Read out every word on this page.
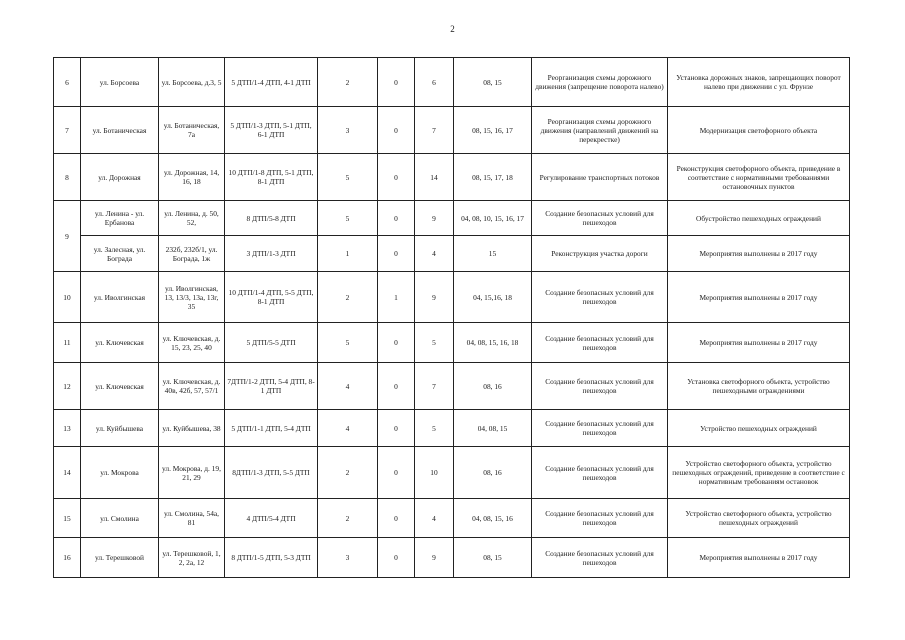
2
6	ул. Борсоева	ул. Борсоева, д.3, 5	5 ДТП/1-4 ДТП, 4-1 ДТП	2	0	6	08, 15	Реорганизация схемы дорожного движения (запрещение поворота налево)	Установка дорожных знаков, запрещающих поворот налево при движении с ул. Фрунзе
7	ул. Ботаническая	ул. Ботаническая, 7а	5 ДТП/1-3 ДТП, 5-1 ДТП, 6-1 ДТП	3	0	7	08, 15, 16, 17	Реорганизация схемы дорожного движения (направлений движений на перекрестке)	Модернизация светофорного объекта
8	ул. Дорожная	ул. Дорожная, 14, 16, 18	10 ДТП/1-8 ДТП, 5-1 ДТП, 8-1 ДТП	5	0	14	08, 15, 17, 18	Регулирование транспортных потоков	Реконструкция светофорного объекта, приведение в соответствие с нормативными требованиями остановочных пунктов
9	ул. Ленина - ул. Ербанова	ул. Ленина, д. 50, 52,	8 ДТП/5-8 ДТП	5	0	9	04, 08, 10, 15, 16, 17	Создание безопасных условий для пешеходов	Обустройство пешеходных ограждений
	ул. Залесная, ул. Бограда	232б, 232б/1, ул. Бограда, 1ж	3 ДТП/1-3 ДТП	1	0	4	15	Реконструкция участка дороги	Мероприятия выполнены в 2017 году
10	ул. Иволгинская	ул. Иволгинская, 13, 13/3, 13а, 13г, 35	10 ДТП/1-4 ДТП, 5-5 ДТП, 8-1 ДТП	2	1	9	04, 15,16, 18	Создание безопасных условий для пешеходов	Мероприятия выполнены в 2017 году
11	ул. Ключевская	ул. Ключевская, д. 15, 23, 25, 40	5 ДТП/5-5 ДТП	5	0	5	04, 08, 15, 16, 18	Создание безопасных условий для пешеходов	Мероприятия выполнены в 2017 году
12	ул. Ключевская	ул. Ключевская, д. 40в, 42б, 57, 57/1	7ДТП/1-2 ДТП, 5-4 ДТП, 8-1 ДТП	4	0	7	08, 16	Создание безопасных условий для пешеходов	Установка светофорного объекта, устройство пешеходными ограждениями
13	ул. Куйбышева	ул. Куйбышева, 38	5 ДТП/1-1 ДТП, 5-4 ДТП	4	0	5	04, 08, 15	Создание безопасных условий для пешеходов	Устройство пешеходных ограждений
14	ул. Мокрова	ул. Мокрова, д. 19, 21, 29	8ДТП/1-3 ДТП, 5-5 ДТП	2	0	10	08, 16	Создание безопасных условий для пешеходов	Устройство светофорного объекта, устройство пешеходных ограждений, приведение в соответствие с нормативным требованиям остановок
15	ул. Смолина	ул. Смолина, 54а, 81	4 ДТП/5-4 ДТП	2	0	4	04, 08, 15, 16	Создание безопасных условий для пешеходов	Устройство светофорного объекта, устройство пешеходных ограждений
16	ул. Терешковой	ул. Терешковой, 1, 2, 2а, 12	8 ДТП/1-5 ДТП, 5-3 ДТП	3	0	9	08, 15	Создание безопасных условий для пешеходов	Мероприятия выполнены в 2017 году
